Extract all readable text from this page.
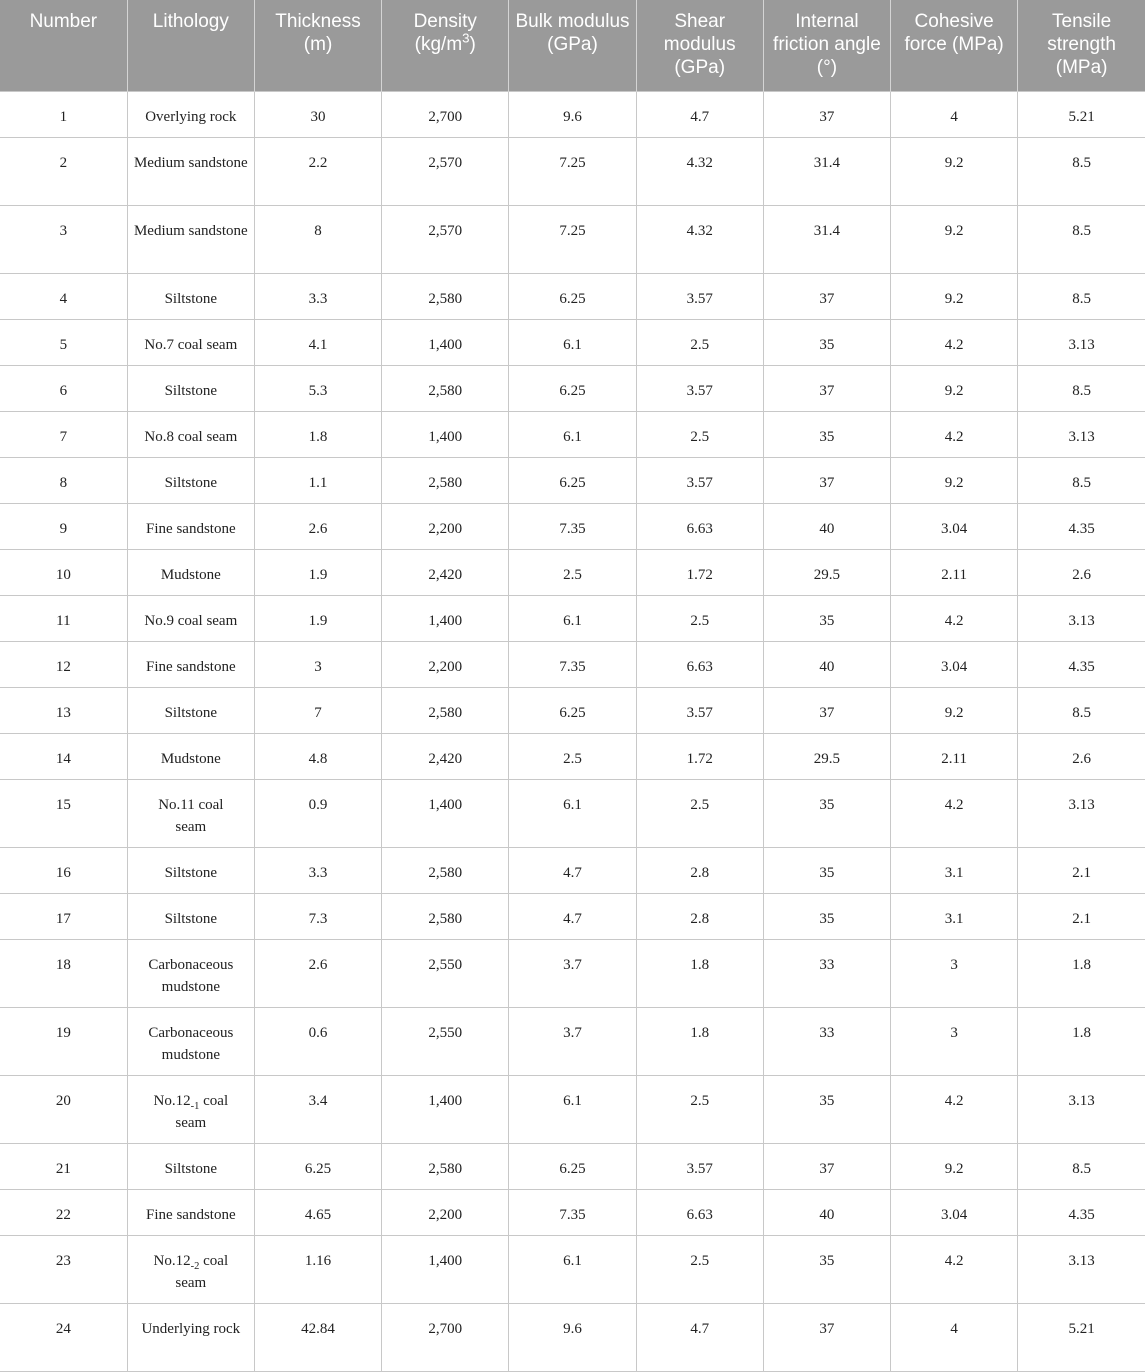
Number	Lithology	Thickness (m)	Density $(kg/m^3)$	Bulk modulus (GPa)	Shear modulus (GPa)	Internal friction angle (°)	Cohesive force (MPa)	Tensile strength (MPa)
1	Overlying rock	30	2,700	9.6	4.7	37	4	5.21
2	Medium sandstone	2.2	2,570	7.25	4.32	31.4	9.2	8.5
3	Medium sandstone	8	2,570	7.25	4.32	31.4	9.2	8.5
4	Siltstone	3.3	2,580	6.25	3.57	37	9.2	8.5
5	No.7 coal seam	4.1	1,400	6.1	2.5	35	4.2	3.13
6	Siltstone	5.3	2,580	6.25	3.57	37	9.2	8.5
7	No.8 coal seam	1.8	1,400	6.1	2.5	35	4.2	3.13
8	Siltstone	1.1	2,580	6.25	3.57	37	9.2	8.5
9	Fine sandstone	2.6	2,200	7.35	6.63	40	3.04	4.35
10	Mudstone	1.9	2,420	2.5	1.72	29.5	2.11	2.6
11	No.9 coal seam	1.9	1,400	6.1	2.5	35	4.2	3.13
12	Fine sandstone	3	2,200	7.35	6.63	40	3.04	4.35
13	Siltstone	7	2,580	6.25	3.57	37	9.2	8.5
14	Mudstone	4.8	2,420	2.5	1.72	29.5	2.11	2.6
15	No.11 coal seam	0.9	1,400	6.1	2.5	35	4.2	3.13
16	Siltstone	3.3	2,580	4.7	2.8	35	3.1	2.1
17	Siltstone	7.3	2,580	4.7	2.8	35	3.1	2.1
18	Carbonaceous mudstone	2.6	2,550	3.7	1.8	33	3	1.8
19	Carbonaceous mudstone	0.6	2,550	3.7	1.8	33	3	1.8
20	$No.12_{-1}$ coal seam	3.4	1,400	6.1	2.5	35	4.2	3.13
21	Siltstone	6.25	2,580	6.25	3.57	37	9.2	8.5
22	Fine sandstone	4.65	2,200	7.35	6.63	40	3.04	4.35
23	$No.12_{-2}$ coal seam	1.16	1,400	6.1	2.5	35	4.2	3.13
24	Underlying rock	42.84	2,700	9.6	4.7	37	4	5.21
